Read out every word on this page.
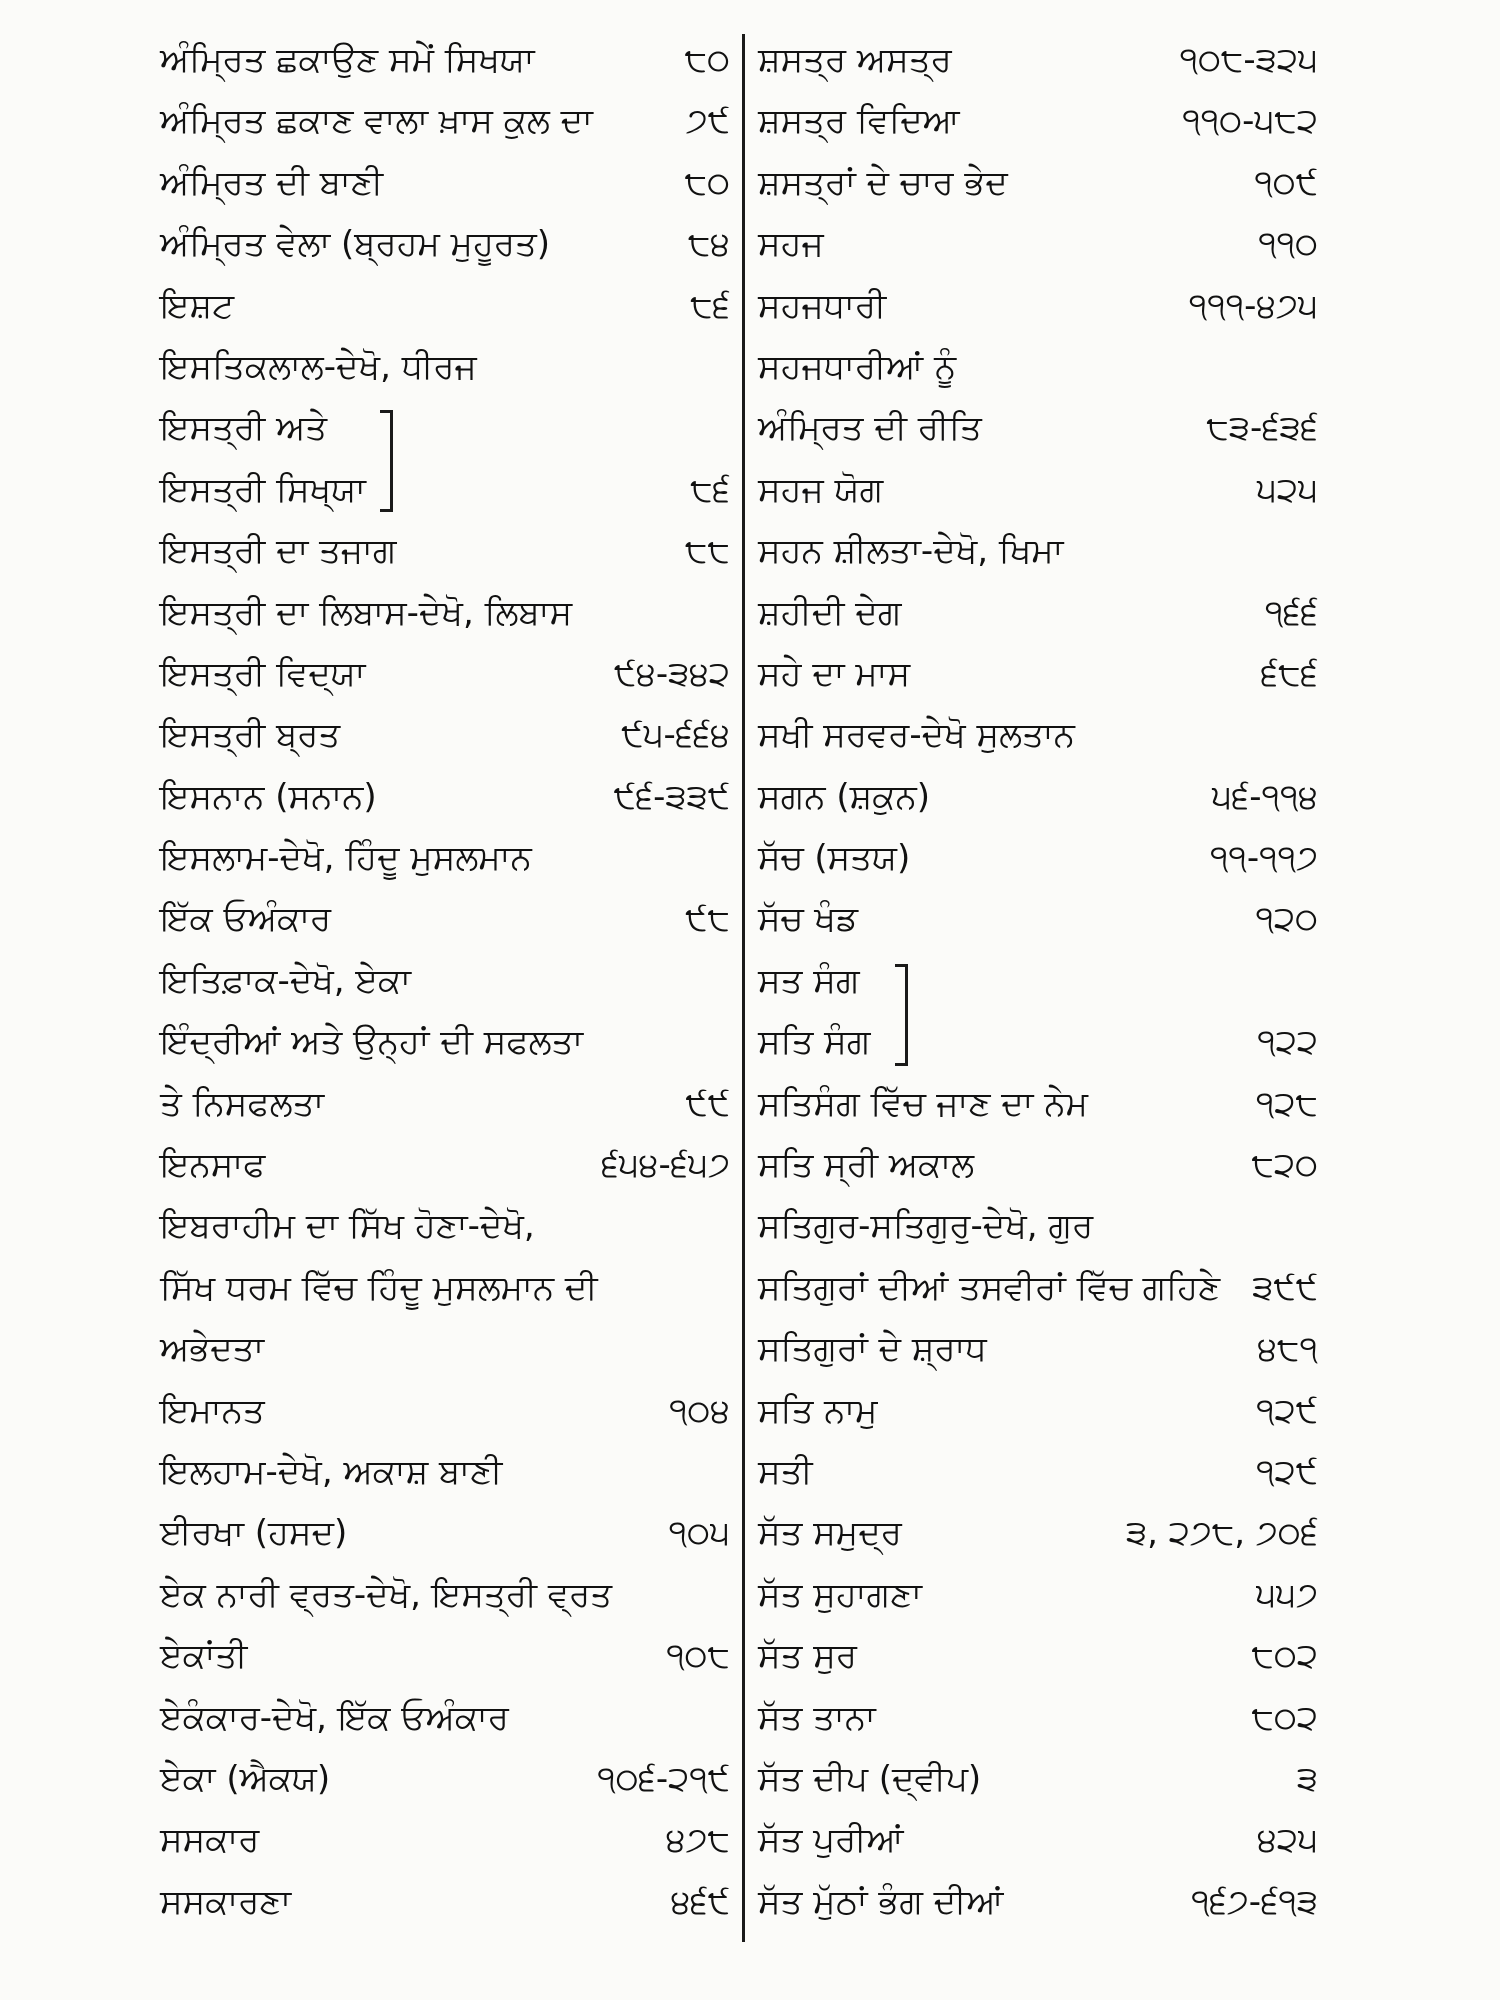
ਅੰਮ੍ਰਿਤ ਛਕਾਉਣ ਸਮੇਂ ਸਿਖਯਾ	੮੦
ਅੰਮ੍ਰਿਤ ਛਕਾਣ ਵਾਲਾ ਖ਼ਾਸ ਕੁਲ ਦਾ	੭੯
ਅੰਮ੍ਰਿਤ ਦੀ ਬਾਣੀ	੮੦
ਅੰਮ੍ਰਿਤ ਵੇਲਾ (ਬ੍ਰਹਮ ਮੁਹੂਰਤ)	੮੪
ਇਸ਼ਟ	੮੬
ਇਸਤਿਕਲਾਲ-ਦੇਖੋ, ਧੀਰਜ
ਇਸਤ੍ਰੀ ਅਤੇ
ਇਸਤ੍ਰੀ ਸਿਖ੍ਯਾ	੮੬
ਇਸਤ੍ਰੀ ਦਾ ਤਜਾਗ	੮੮
ਇਸਤ੍ਰੀ ਦਾ ਲਿਬਾਸ-ਦੇਖੋ, ਲਿਬਾਸ
ਇਸਤ੍ਰੀ ਵਿਦ੍ਯਾ	੯੪-੩੪੨
ਇਸਤ੍ਰੀ ਬ੍ਰਤ	੯੫-੬੬੪
ਇਸਨਾਨ (ਸਨਾਨ)	੯੬-੩੩੯
ਇਸਲਾਮ-ਦੇਖੋ, ਹਿੰਦੂ ਮੁਸਲਮਾਨ
ਇੱਕ ਓਅੰਕਾਰ	੯੮
ਇਤਿਫ਼ਾਕ-ਦੇਖੋ, ਏਕਾ
ਇੰਦ੍ਰੀਆਂ ਅਤੇ ਉਨ੍ਹਾਂ ਦੀ ਸਫਲਤਾ
ਤੇ ਨਿਸਫਲਤਾ	੯੯
ਇਨਸਾਫ	੬੫੪-੬੫੭
ਇਬਰਾਹੀਮ ਦਾ ਸਿੱਖ ਹੋਣਾ-ਦੇਖੋ,
ਸਿੱਖ ਧਰਮ ਵਿੱਚ ਹਿੰਦੂ ਮੁਸਲਮਾਨ ਦੀ
ਅਭੇਦਤਾ
ਇਮਾਨਤ	੧੦੪
ਇਲਹਾਮ-ਦੇਖੋ, ਅਕਾਸ਼ ਬਾਣੀ
ਈਰਖਾ (ਹਸਦ)	੧੦੫
ਏਕ ਨਾਰੀ ਵ੍ਰਤ-ਦੇਖੋ, ਇਸਤ੍ਰੀ ਵ੍ਰਤ
ਏਕਾਂਤੀ	੧੦੮
ਏਕੰਕਾਰ-ਦੇਖੋ, ਇੱਕ ਓਅੰਕਾਰ
ਏਕਾ (ਐਕਯ)	੧੦੬-੨੧੯
ਸਸਕਾਰ	੪੭੮
ਸਸਕਾਰਣਾ	੪੬੯
ਸ਼ਸਤ੍ਰ ਅਸਤ੍ਰ	੧੦੮-੩੨੫
ਸ਼ਸਤ੍ਰ ਵਿਦਿਆ	੧੧੦-੫੮੨
ਸ਼ਸਤ੍ਰਾਂ ਦੇ ਚਾਰ ਭੇਦ	੧੦੯
ਸਹਜ	੧੧੦
ਸਹਜਧਾਰੀ	੧੧੧-੪੭੫
ਸਹਜਧਾਰੀਆਂ ਨੂੰ
ਅੰਮ੍ਰਿਤ ਦੀ ਰੀਤਿ	੮੩-੬੩੬
ਸਹਜ ਯੋਗ	੫੨੫
ਸਹਨ ਸ਼ੀਲਤਾ-ਦੇਖੋ, ਖਿਮਾ
ਸ਼ਹੀਦੀ ਦੇਗ	੧੬੬
ਸਹੇ ਦਾ ਮਾਸ	੬੮੬
ਸਖੀ ਸਰਵਰ-ਦੇਖੋ ਸੁਲਤਾਨ
ਸਗਨ (ਸ਼ਕੁਨ)	੫੬-੧੧੪
ਸੱਚ (ਸਤਯ)	੧੧-੧੧੭
ਸੱਚ ਖੰਡ	੧੨੦
ਸਤ ਸੰਗ
ਸਤਿ ਸੰਗ	੧੨੨
ਸਤਿਸੰਗ ਵਿੱਚ ਜਾਣ ਦਾ ਨੇਮ	੧੨੮
ਸਤਿ ਸ੍ਰੀ ਅਕਾਲ	੮੨੦
ਸਤਿਗੁਰ-ਸਤਿਗੁਰੁ-ਦੇਖੋ, ਗੁਰ
ਸਤਿਗੁਰਾਂ ਦੀਆਂ ਤਸਵੀਰਾਂ ਵਿੱਚ ਗਹਿਣੇ ੩੯੯
ਸਤਿਗੁਰਾਂ ਦੇ ਸ਼੍ਰਾਧ	੪੮੧
ਸਤਿ ਨਾਮੁ	੧੨੯
ਸਤੀ	੧੨੯
ਸੱਤ ਸਮੁਦ੍ਰ	੩, ੨੭੮, ੭੦੬
ਸੱਤ ਸੁਹਾਗਣਾ	੫੫੭
ਸੱਤ ਸੁਰ	੮੦੨
ਸੱਤ ਤਾਨਾ	੮੦੨
ਸੱਤ ਦੀਪ (ਦ੍ਵੀਪ)	੩
ਸੱਤ ਪੁਰੀਆਂ	੪੨੫
ਸੱਤ ਮੁੱਠਾਂ ਭੰਗ ਦੀਆਂ	੧੬੭-੬੧੩
